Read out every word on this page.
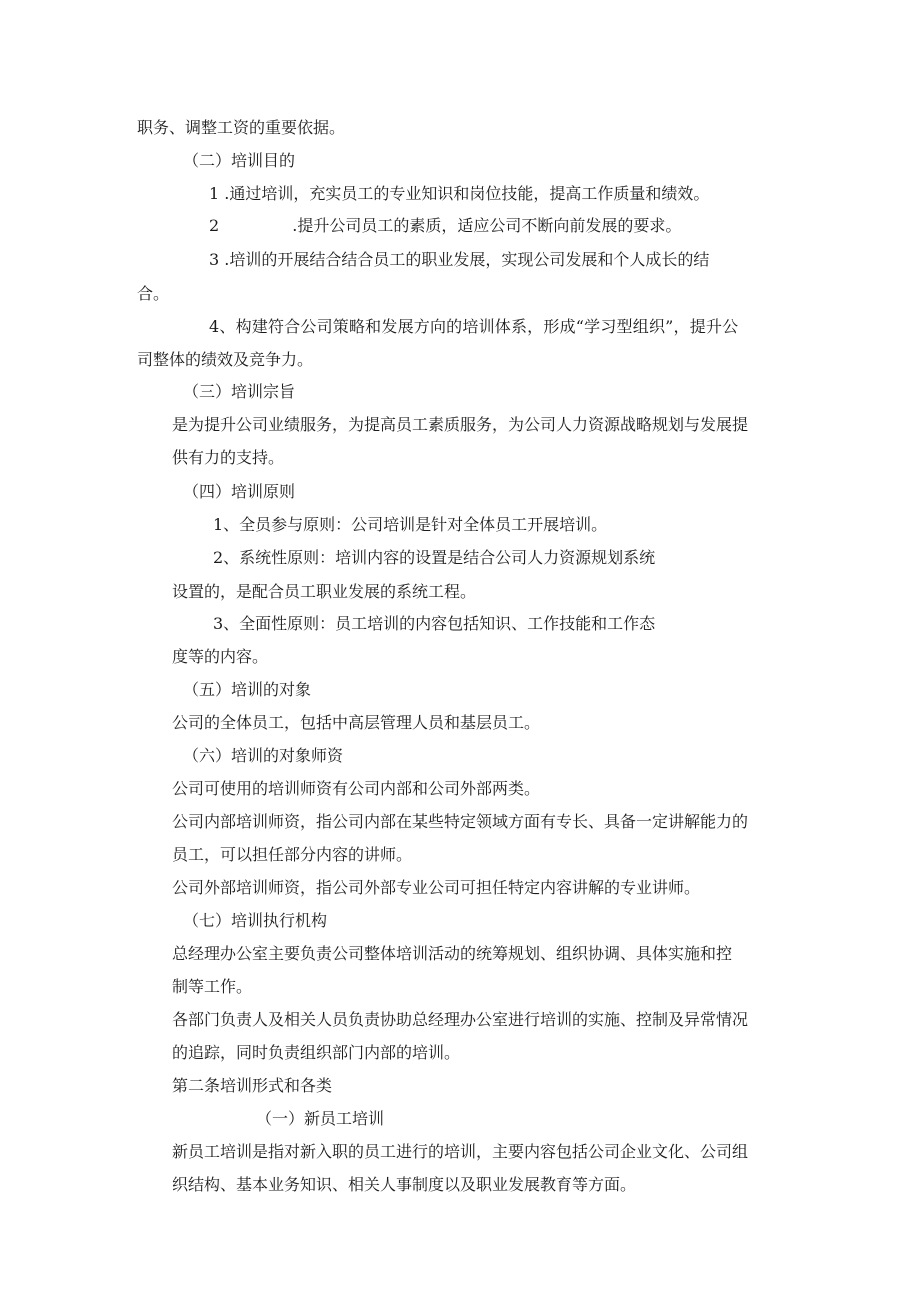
职务、调整工资的重要依据。
（二）培训目的
1 .通过培训，充实员工的专业知识和岗位技能，提高工作质量和绩效。
2 .提升公司员工的素质，适应公司不断向前发展的要求。
3 .培训的开展结合结合员工的职业发展，实现公司发展和个人成长的结
合。
4、构建符合公司策略和发展方向的培训体系，形成“学习型组织”，提升公
司整体的绩效及竞争力。
（三）培训宗旨
是为提升公司业绩服务，为提高员工素质服务，为公司人力资源战略规划与发展提
供有力的支持。
（四）培训原则
1、全员参与原则：公司培训是针对全体员工开展培训。
2、系统性原则：培训内容的设置是结合公司人力资源规划系统
设置的，是配合员工职业发展的系统工程。
3、全面性原则：员工培训的内容包括知识、工作技能和工作态
度等的内容。
（五）培训的对象
公司的全体员工，包括中高层管理人员和基层员工。
（六）培训的对象师资
公司可使用的培训师资有公司内部和公司外部两类。
公司内部培训师资，指公司内部在某些特定领域方面有专长、具备一定讲解能力的
员工，可以担任部分内容的讲师。
公司外部培训师资，指公司外部专业公司可担任特定内容讲解的专业讲师。
（七）培训执行机构
总经理办公室主要负责公司整体培训活动的统筹规划、组织协调、具体实施和控
制等工作。
各部门负责人及相关人员负责协助总经理办公室进行培训的实施、控制及异常情况
的追踪，同时负责组织部门内部的培训。
第二条培训形式和各类
（一）新员工培训
新员工培训是指对新入职的员工进行的培训，主要内容包括公司企业文化、公司组
织结构、基本业务知识、相关人事制度以及职业发展教育等方面。
